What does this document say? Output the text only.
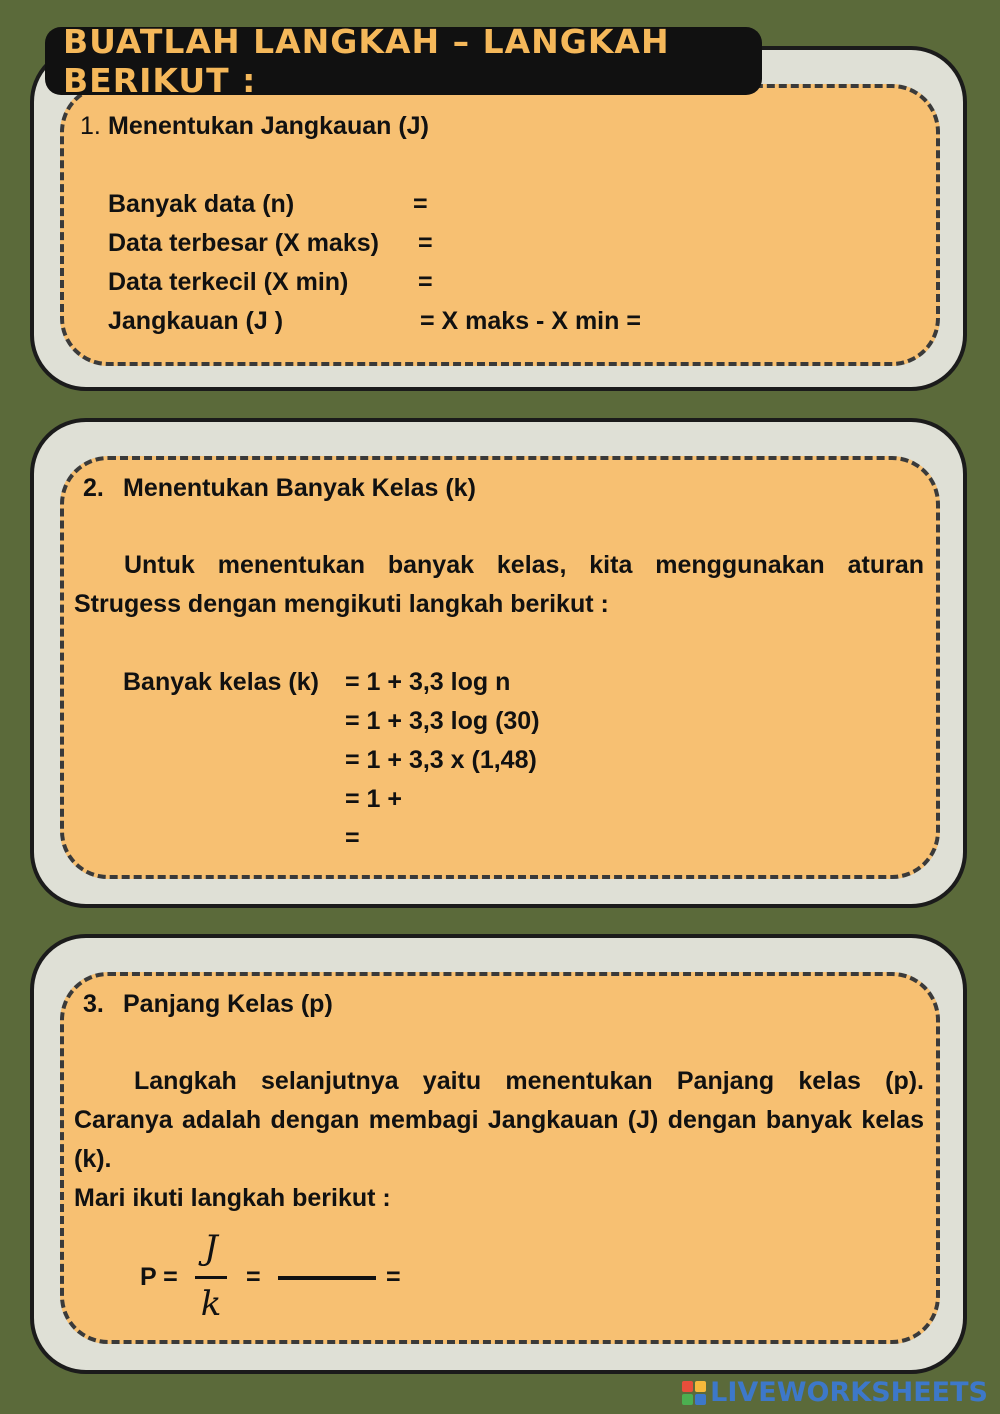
BUATLAH LANGKAH – LANGKAH BERIKUT :
1. Menentukan Jangkauan (J)
Banyak data (n)	=
Data terbesar (X maks) =
Data terkecil (X min)	=
Jangkauan (J )	= X maks - X min =
2. Menentukan Banyak Kelas (k)
Untuk menentukan banyak kelas, kita menggunakan aturan Strugess dengan mengikuti langkah berikut :
Banyak kelas (k) = 1 + 3,3 log n
= 1 + 3,3 log (30)
= 1 + 3,3 x (1,48)
= 1 +
=
3. Panjang Kelas (p)
Langkah selanjutnya yaitu menentukan Panjang kelas (p). Caranya adalah dengan membagi Jangkauan (J) dengan banyak kelas (k).
Mari ikuti langkah berikut :
P =
J
k
=	=
LIVEWORKSHEETS
